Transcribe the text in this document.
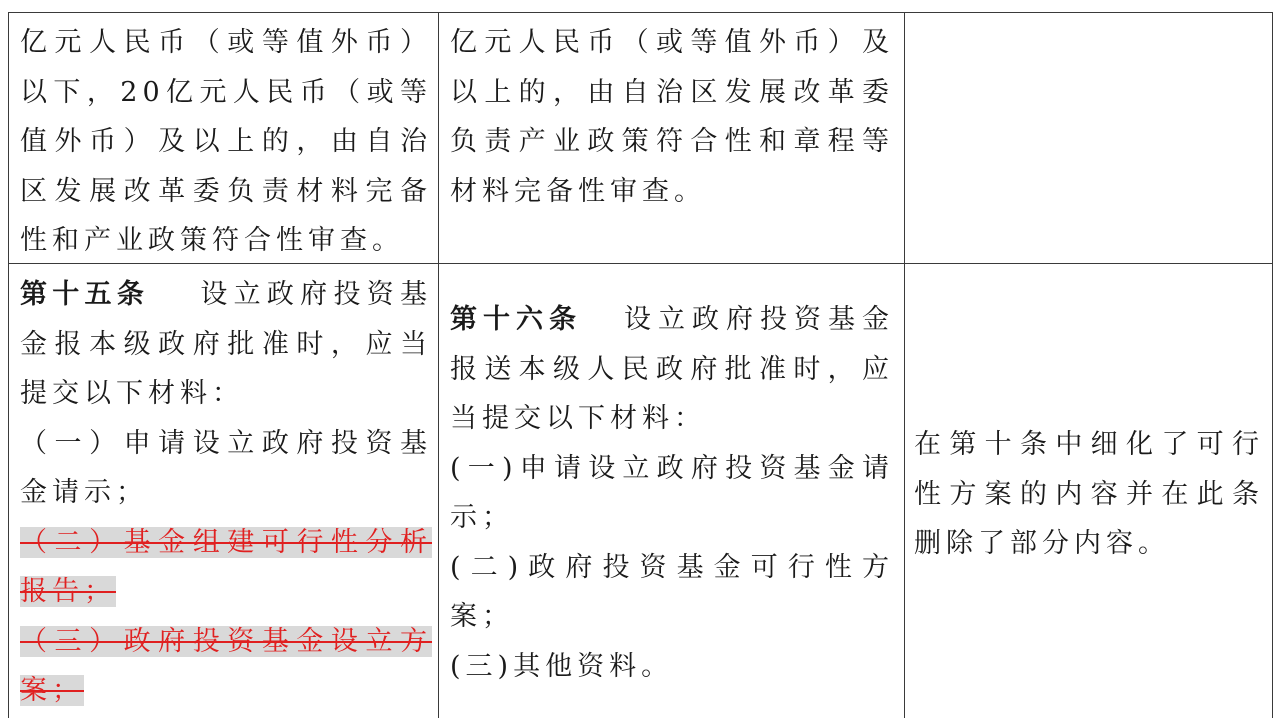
亿元人民币（或等值外币）以下，20亿元人民币（或等值外币）及以上的，由自治区发展改革委负责材料完备性和产业政策符合性审查。
亿元人民币（或等值外币）及以上的，由自治区发展改革委负责产业政策符合性和章程等材料完备性审查。
第十五条 设立政府投资基金报本级政府批准时，应当提交以下材料：
（一）申请设立政府投资基金请示；
（二）基金组建可行性分析报告；
（三）政府投资基金设立方案；
第十六条 设立政府投资基金报送本级人民政府批准时，应当提交以下材料：
(一)申请设立政府投资基金请示；
(二)政府投资基金可行性方案；
(三)其他资料。
在第十条中细化了可行性方案的内容并在此条删除了部分内容。
